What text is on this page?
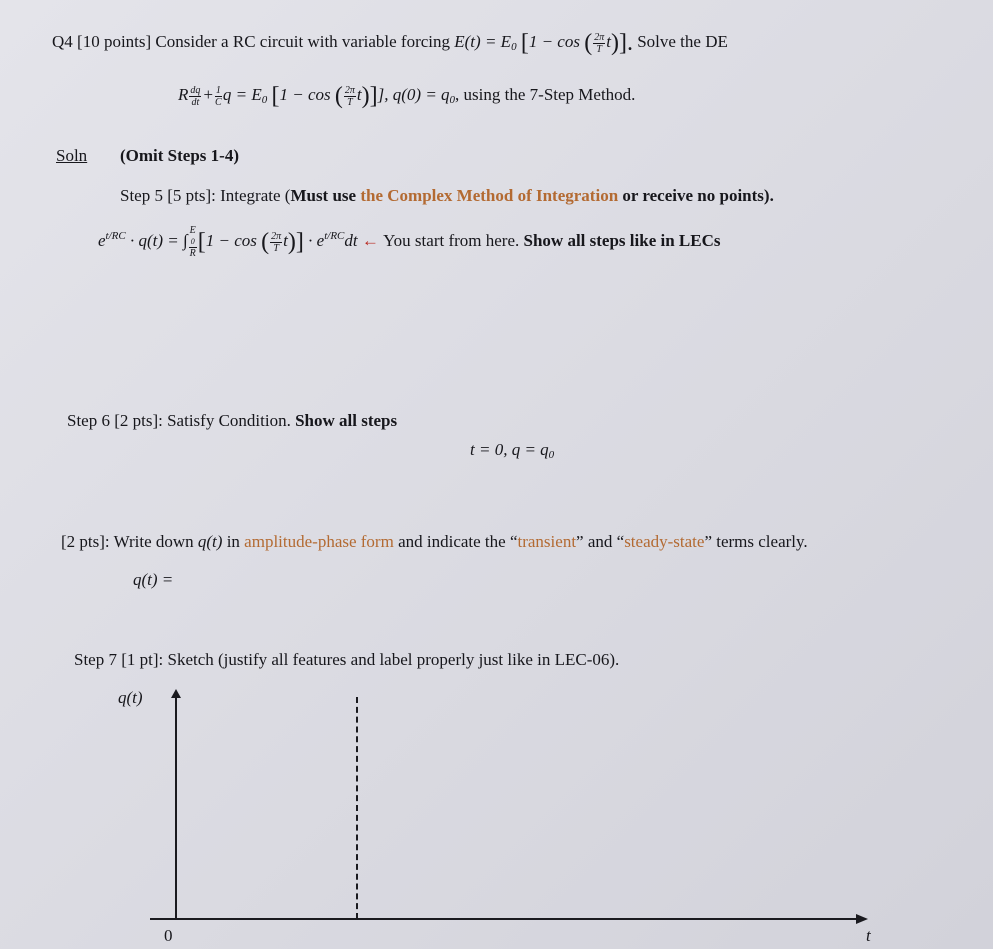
Q4 [10 points] Consider a RC circuit with variable forcing $E(t) = E_0$ [1 − cos ( $\frac{2\pi}{T} t$)]. Solve the DE
R $\frac{dq}{dt} + \frac{1}{C}$ $q = E_0$ [1 − cos ( $\frac{2\pi}{T} t$)]], $q(0) = q_0$, using the 7-Step Method.
Soln (Omit Steps 1-4)
Step 5 [5 pts]: Integrate (Must use the Complex Method of Integration or receive no points).
$e^{t/RC} \cdot q(t)$ = ∫ E
0
R [1 − cos ( $\frac{2\pi}{T} t)] \cdot e^{t/RC}dt$ ← You start from here. Show all steps like in LECs
Step 6 [2 pts]: Satisfy Condition. Show all steps
t = 0, $q = q_0$
[2 pts]: Write down q(t) in amplitude-phase form and indicate the “transient” and “steady-state” terms clearly.
q(t) =
Step 7 [1 pt]: Sketch (justify all features and label properly just like in LEC-06).
q(t)
0	t
